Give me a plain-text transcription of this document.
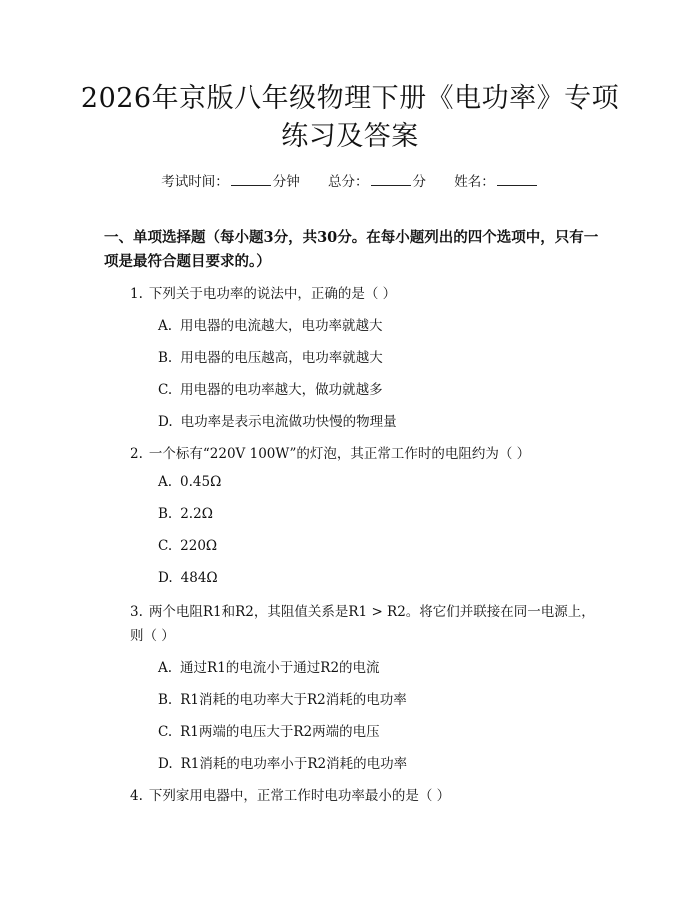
2026年京版八年级物理下册《电功率》专项
练习及答案
考试时间：	分钟 总分：	分 姓名：
一、单项选择题（每小题3分，共30分。在每小题列出的四个选项中，只有一项是最符合题目要求的。）
1. 下列关于电功率的说法中，正确的是（ ）
A. 用电器的电流越大，电功率就越大
B. 用电器的电压越高，电功率就越大
C. 用电器的电功率越大，做功就越多
D. 电功率是表示电流做功快慢的物理量
2. 一个标有“220V 100W”的灯泡，其正常工作时的电阻约为（ ）
A. 0.45Ω
B. 2.2Ω
C. 220Ω
D. 484Ω
3. 两个电阻R1和R2，其阻值关系是R1 > R2。将它们并联接在同一电源上，则（ ）
A. 通过R1的电流小于通过R2的电流
B. R1消耗的电功率大于R2消耗的电功率
C. R1两端的电压大于R2两端的电压
D. R1消耗的电功率小于R2消耗的电功率
4. 下列家用电器中，正常工作时电功率最小的是（ ）
